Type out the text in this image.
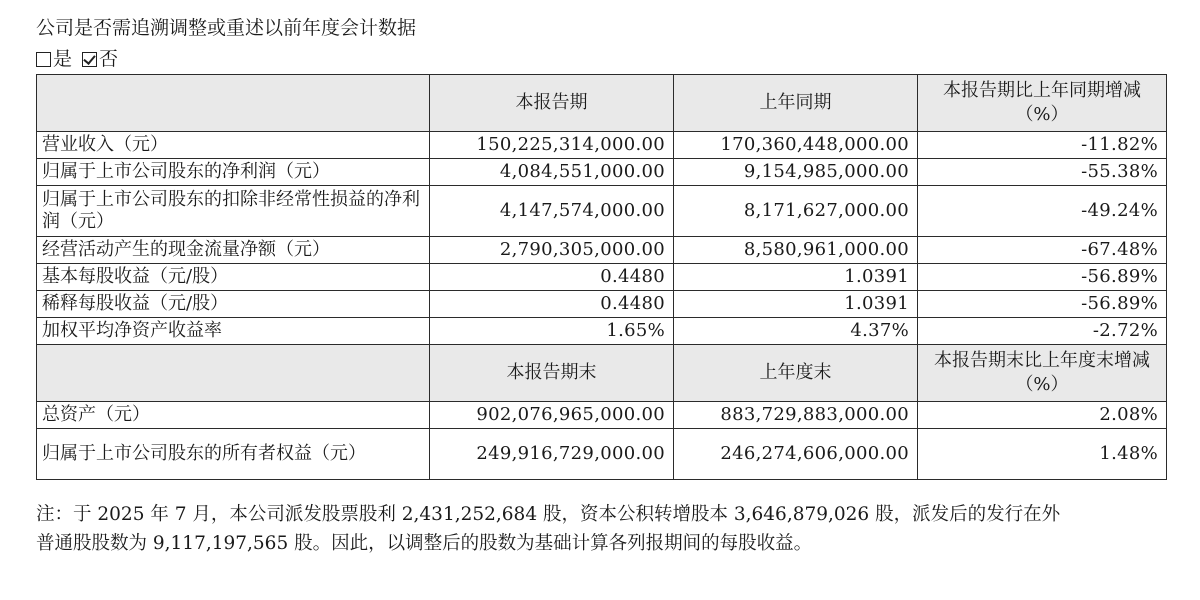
公司是否需追溯调整或重述以前年度会计数据
是 否
	本报告期	上年同期	本报告期比上年同期增减（%）
营业收入（元）	150,225,314,000.00	170,360,448,000.00	-11.82%
归属于上市公司股东的净利润（元）	4,084,551,000.00	9,154,985,000.00	-55.38%
归属于上市公司股东的扣除非经常性损益的净利润（元）	4,147,574,000.00	8,171,627,000.00	-49.24%
经营活动产生的现金流量净额（元）	2,790,305,000.00	8,580,961,000.00	-67.48%
基本每股收益（元/股）	0.4480	1.0391	-56.89%
稀释每股收益（元/股）	0.4480	1.0391	-56.89%
加权平均净资产收益率	1.65%	4.37%	-2.72%
	本报告期末	上年度末	本报告期末比上年度末增减（%）
总资产（元）	902,076,965,000.00	883,729,883,000.00	2.08%
归属于上市公司股东的所有者权益（元）	249,916,729,000.00	246,274,606,000.00	1.48%

注：于 2025 年 7 月，本公司派发股票股利 2,431,252,684 股，资本公积转增股本 3,646,879,026 股，派发后的发行在外

普通股股数为 9,117,197,565 股。因此，以调整后的股数为基础计算各列报期间的每股收益。
